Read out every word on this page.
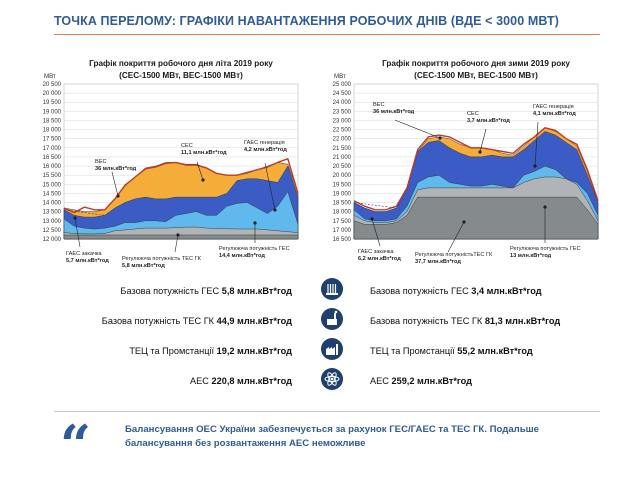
ТОЧКА ПЕРЕЛОМУ: ГРАФІКИ НАВАНТАЖЕННЯ РОБОЧИХ ДНІВ (ВДЕ < 3000 МВТ)
Графік покриття робочого дня літа 2019 року
(СЕС-1500 МВт, ВЕС-1500 МВт)
МВт
20 500
20 000
19 500
19 000
18 500
18 000
17 500
17 000
16 500
16 000
15 500
15 000
14 500
14 000
13 500
13 000
12 500
12 000
ВЕС
36 млн.кВт*год
СЕС
11,1 млн.кВт*год
ГАЕС генерація
4,2 млн.кВт*год
ГАЕС закачка
5,7 млн.кВт*год Регулююча потужність ТЕС ГК
5,8 млн.кВт*год
Регулююча потужність ГЕС
14,4 млн.кВт*год
Графік покриття робочого дня зими 2019 року
(СЕС-1500 МВт, ВЕС-1500 МВт)
МВт
25 000
24 500
24 000
23 500
23 000
22 500
22 000
21 500
21 000
20 500
20 000
19 500
19 000
18 500
18 000
17 500
17 000
16 500
ВЕС
36 млн.кВт*год	СЕС
3,7 млн.кВт*год
ГАЕС генерація
4,1 млн.кВт*год
ГАЕС закачка
6,2 млн.кВт*год
Регулююча потужністьТЕС ГК
37,7 млн.кВт*год
Регулююча потужність ГЕС
13 млн.кВт*год
Базова потужність ГЕС 5,8 млн.кВт*год
Базова потужність ТЕС ГК 44,9 млн.кВт*год
ТЕЦ та Промстанції 19,2 млн.кВт*год
АЕС 220,8 млн.кВт*год
Базова потужність ГЕС 3,4 млн.кВт*год
Базова потужність ТЕС ГК 81,3 млн.кВт*год
ТЕЦ та Промстанції 55,2 млн.кВт*год
АЕС 259,2 млн.кВт*год
“	Балансування ОЕС України забезпечується за рахунок ГЕС/ГАЕС та ТЕС ГК. Подальше балансування без розвантаження АЕС неможливе
